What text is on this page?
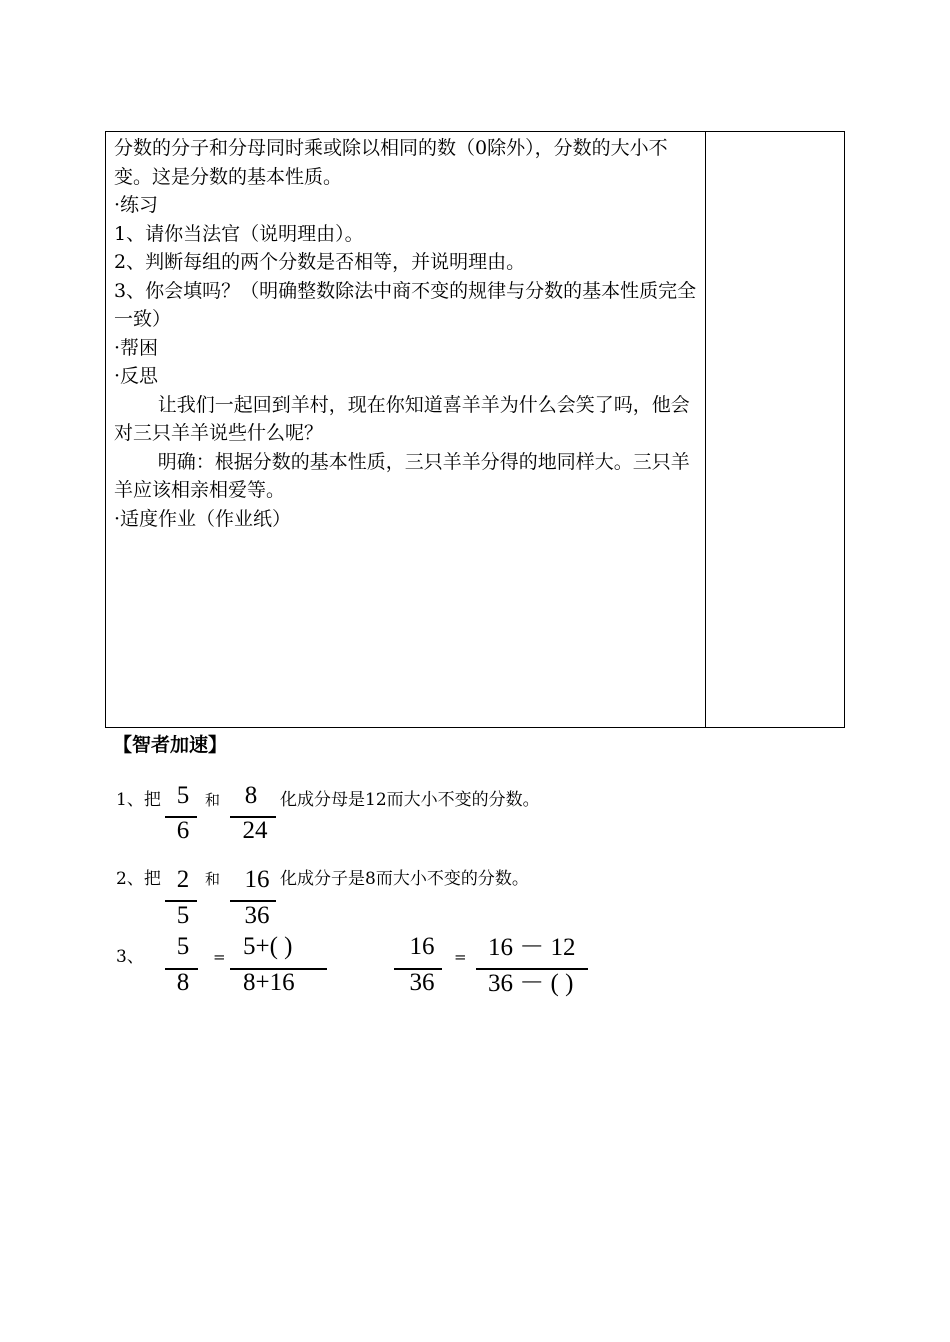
分数的分子和分母同时乘或除以相同的数（0除外），分数的大小不变。这是分数的基本性质。

·练习

1、请你当法官（说明理由）。

2、判断每组的两个分数是否相等，并说明理由。

3、你会填吗？（明确整数除法中商不变的规律与分数的基本性质完全一致）

·帮困

·反思

让我们一起回到羊村，现在你知道喜羊羊为什么会笑了吗，他会对三只羊羊说些什么呢？

明确：根据分数的基本性质，三只羊羊分得的地同样大。三只羊羊应该相亲相爱等。

·适度作业（作业纸）

【智者加速】
1、把 5
6
和 8
24
化成分母是12而大小不变的分数。
2、把 2
5
和 16
36
化成分子是8而大小不变的分数。
3、	5
8
= 5+( )
8+16
16
36
= 16 － 12
36 － ( )
